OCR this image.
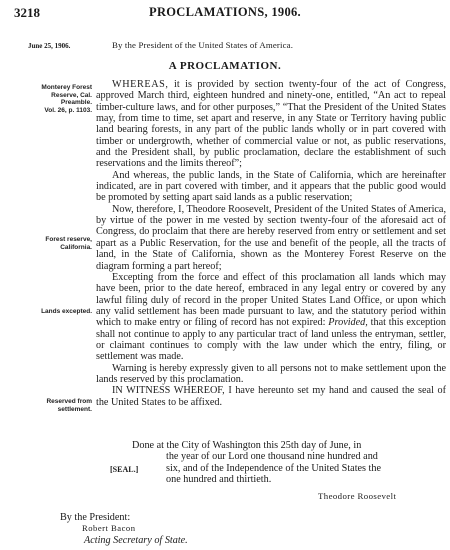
3218	PROCLAMATIONS, 1906.
June 25, 1906.	By the President of the United States of America.
A PROCLAMATION.
Monterey Forest
Reserve, Cal.
Preamble.
Vol. 26, p. 1103.
Forest reserve,
California.
Lands excepted.
Reserved from
settlement.

WHEREAS, it is provided by section twenty-four of the act of Congress, approved March third, eighteen hundred and ninety-one, entitled, “An act to repeal timber-culture laws, and for other purposes,” “That the President of the United States may, from time to time, set apart and reserve, in any State or Territory having public land bearing forests, in any part of the public lands wholly or in part covered with timber or undergrowth, whether of commercial value or not, as public reservations, and the President shall, by public proclamation, declare the establishment of such reservations and the limits thereof”;

And whereas, the public lands, in the State of California, which are hereinafter indicated, are in part covered with timber, and it appears that the public good would be promoted by setting apart said lands as a public reservation;

Now, therefore, I, Theodore Roosevelt, President of the United States of America, by virtue of the power in me vested by section twenty-four of the aforesaid act of Congress, do proclaim that there are hereby reserved from entry or settlement and set apart as a Public Reservation, for the use and benefit of the people, all the tracts of land, in the State of California, shown as the Monterey Forest Reserve on the diagram forming a part hereof;

Excepting from the force and effect of this proclamation all lands which may have been, prior to the date hereof, embraced in any legal entry or covered by any lawful filing duly of record in the proper United States Land Office, or upon which any valid settlement has been made pursuant to law, and the statutory period within which to make entry or filing of record has not expired: Provided, that this exception shall not continue to apply to any particular tract of land unless the entryman, settler, or claimant continues to comply with the law under which the entry, filing, or settlement was made.

Warning is hereby expressly given to all persons not to make settlement upon the lands reserved by this proclamation.

IN WITNESS WHEREOF, I have hereunto set my hand and caused the seal of the United States to be affixed.

Done at the City of Washington this 25th day of June, in
the year of our Lord one thousand nine hundred and
six, and of the Independence of the United States the
one hundred and thirtieth.
[SEAL.]
Theodore Roosevelt
By the President:
Robert Bacon
Acting Secretary of State.
